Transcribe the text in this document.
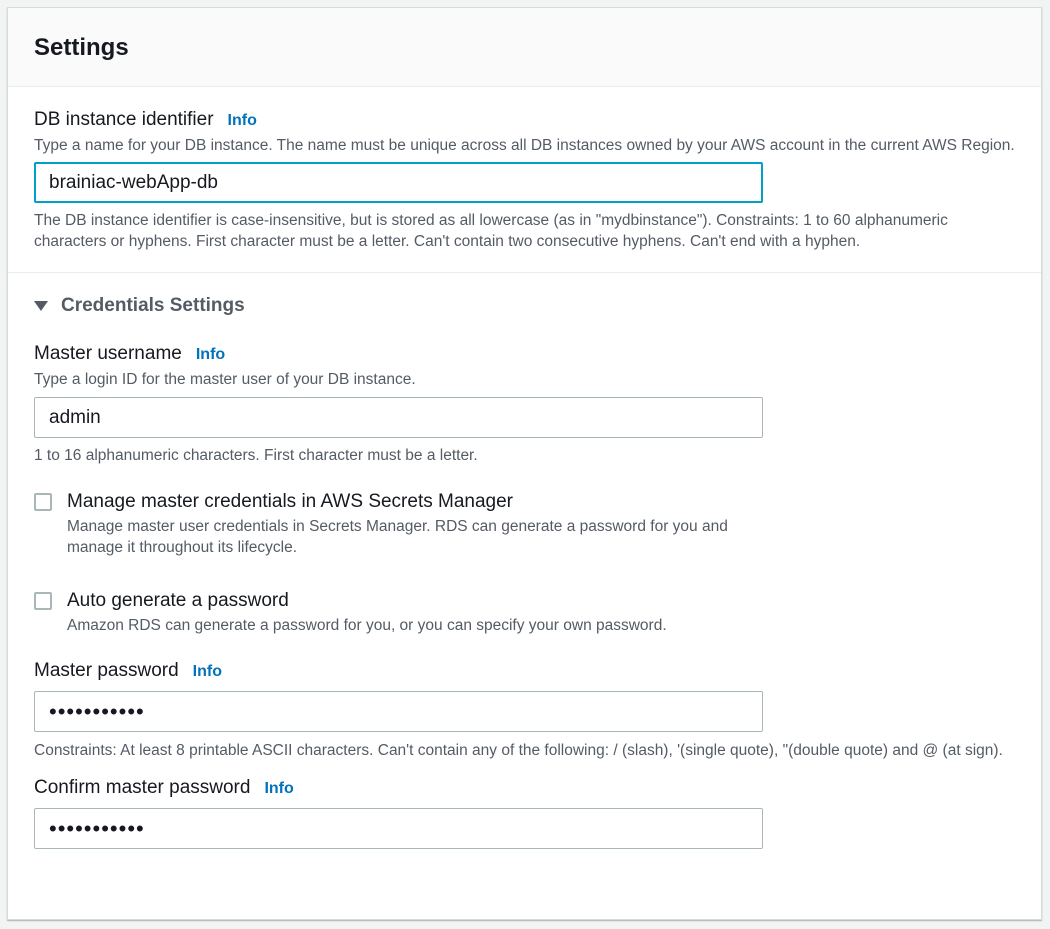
Settings
DB instance identifier Info
Type a name for your DB instance. The name must be unique across all DB instances owned by your AWS account in the current AWS Region.
brainiac-webApp-db
The DB instance identifier is case-insensitive, but is stored as all lowercase (as in "mydbinstance"). Constraints: 1 to 60 alphanumeric characters or hyphens. First character must be a letter. Can't contain two consecutive hyphens. Can't end with a hyphen.
Credentials Settings
Master username Info
Type a login ID for the master user of your DB instance.
admin
1 to 16 alphanumeric characters. First character must be a letter.
Manage master credentials in AWS Secrets Manager
Manage master user credentials in Secrets Manager. RDS can generate a password for you and manage it throughout its lifecycle.
Auto generate a password
Amazon RDS can generate a password for you, or you can specify your own password.
Master password Info
•••••••••••
Constraints: At least 8 printable ASCII characters. Can't contain any of the following: / (slash), '(single quote), "(double quote) and @ (at sign).
Confirm master password Info
•••••••••••
